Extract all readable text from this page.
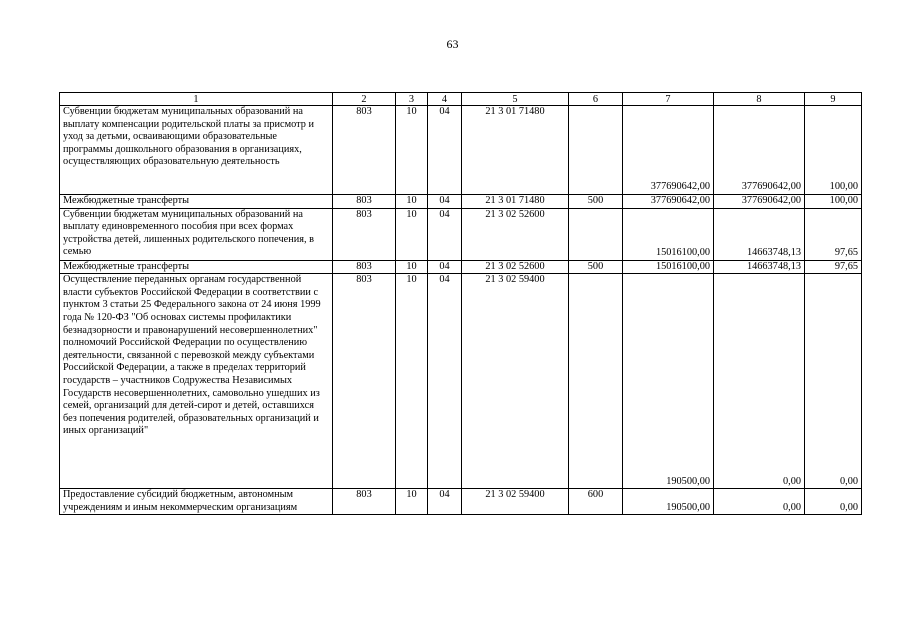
63
1	2	3	4	5	6	7	8	9
Субвенции бюджетам муниципальных образований на выплату компенсации родительской платы за присмотр и уход за детьми, осваивающими образовательные программы дошкольного образования в организациях, осуществляющих образовательную деятельность	803	10	04	21 3 01 71480		377690642,00	377690642,00	100,00
Межбюджетные трансферты	803	10	04	21 3 01 71480	500	377690642,00	377690642,00	100,00
Субвенции бюджетам муниципальных образований на выплату единовременного пособия при всех формах устройства детей, лишенных родительского попечения, в семью	803	10	04	21 3 02 52600		15016100,00	14663748,13	97,65
Межбюджетные трансферты	803	10	04	21 3 02 52600	500	15016100,00	14663748,13	97,65
Осуществление переданных органам государственной власти субъектов Российской Федерации в соответствии с пунктом 3 статьи 25 Федерального закона от 24 июня 1999 года № 120-ФЗ "Об основах системы профилактики безнадзорности и правонарушений несовершеннолетних" полномочий Российской Федерации по осуществлению деятельности, связанной с перевозкой между субъектами Российской Федерации, а также в пределах территорий государств – участников Содружества Независимых Государств несовершеннолетних, самовольно ушедших из семей, организаций для детей-сирот и детей, оставшихся без попечения родителей, образовательных организаций и иных организаций"	803	10	04	21 3 02 59400		190500,00	0,00	0,00
Предоставление субсидий бюджетным, автономным учреждениям и иным некоммерческим организациям	803	10	04	21 3 02 59400	600	190500,00	0,00	0,00
